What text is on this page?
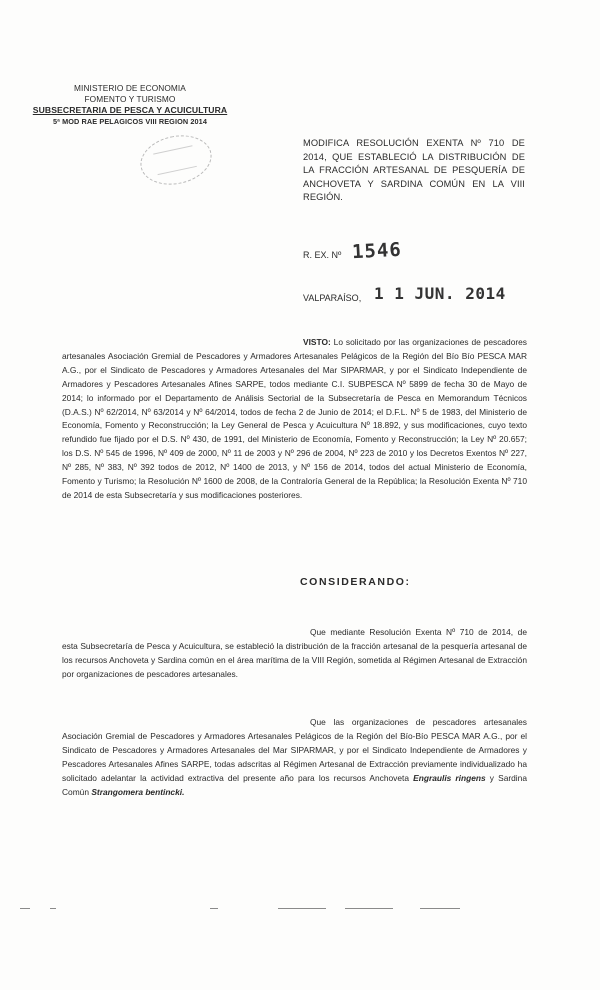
MINISTERIO DE ECONOMIA
FOMENTO Y TURISMO
SUBSECRETARIA DE PESCA Y ACUICULTURA
5ª MOD RAE PELAGICOS VIII REGION 2014
MODIFICA RESOLUCIÓN EXENTA Nº 710 DE 2014, QUE ESTABLECIÓ LA DISTRIBUCIÓN DE LA FRACCIÓN ARTESANAL DE PESQUERÍA DE ANCHOVETA Y SARDINA COMÚN EN LA VIII REGIÓN.
R. EX. Nº 1546
VALPARAÍSO, 1 1 JUN. 2014
VISTO: Lo solicitado por las organizaciones de pescadores artesanales Asociación Gremial de Pescadores y Armadores Artesanales Pelágicos de la Región del Bío Bío PESCA MAR A.G., por el Sindicato de Pescadores y Armadores Artesanales del Mar SIPARMAR, y por el Sindicato Independiente de Armadores y Pescadores Artesanales Afines SARPE, todos mediante C.I. SUBPESCA Nº 5899 de fecha 30 de Mayo de 2014; lo informado por el Departamento de Análisis Sectorial de la Subsecretaría de Pesca en Memorandum Técnicos (D.A.S.) Nº 62/2014, Nº 63/2014 y Nº 64/2014, todos de fecha 2 de Junio de 2014; el D.F.L. Nº 5 de 1983, del Ministerio de Economía, Fomento y Reconstrucción; la Ley General de Pesca y Acuicultura Nº 18.892, y sus modificaciones, cuyo texto refundido fue fijado por el D.S. Nº 430, de 1991, del Ministerio de Economía, Fomento y Reconstrucción; la Ley Nº 20.657; los D.S. Nº 545 de 1996, Nº 409 de 2000, Nº 11 de 2003 y Nº 296 de 2004, Nº 223 de 2010 y los Decretos Exentos Nº 227, Nº 285, Nº 383, Nº 392 todos de 2012, Nº 1400 de 2013, y Nº 156 de 2014, todos del actual Ministerio de Economía, Fomento y Turismo; la Resolución Nº 1600 de 2008, de la Contraloría General de la República; la Resolución Exenta Nº 710 de 2014 de esta Subsecretaría y sus modificaciones posteriores.
CONSIDERANDO:
Que mediante Resolución Exenta Nº 710 de 2014, de esta Subsecretaría de Pesca y Acuicultura, se estableció la distribución de la fracción artesanal de la pesquería artesanal de los recursos Anchoveta y Sardina común en el área marítima de la VIII Región, sometida al Régimen Artesanal de Extracción por organizaciones de pescadores artesanales.
Que las organizaciones de pescadores artesanales Asociación Gremial de Pescadores y Armadores Artesanales Pelágicos de la Región del Bío-Bío PESCA MAR A.G., por el Sindicato de Pescadores y Armadores Artesanales del Mar SIPARMAR, y por el Sindicato Independiente de Armadores y Pescadores Artesanales Afines SARPE, todas adscritas al Régimen Artesanal de Extracción previamente individualizado ha solicitado adelantar la actividad extractiva del presente año para los recursos Anchoveta Engraulis ringens y Sardina Común Strangomera bentincki.
